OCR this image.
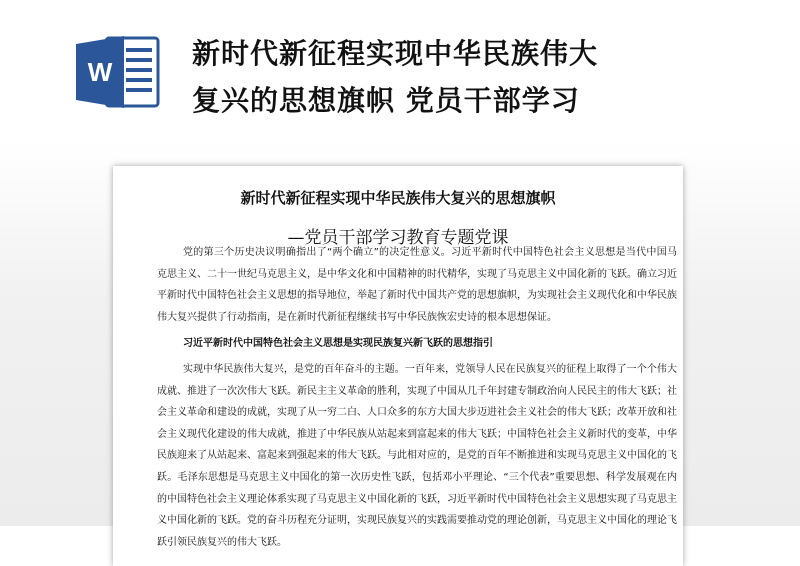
W
新时代新征程实现中华民族伟大
复兴的思想旗帜 党员干部学习
新时代新征程实现中华民族伟大复兴的思想旗帜
—党员干部学习教育专题党课
党的第三个历史决议明确指出了“两个确立”的决定性意义。习近平新时代中国特色社会主义思想是当代中国马
克思主义、二十一世纪马克思主义，是中华文化和中国精神的时代精华，实现了马克思主义中国化新的飞跃。确立习近
平新时代中国特色社会主义思想的指导地位，举起了新时代中国共产党的思想旗帜，为实现社会主义现代化和中华民族
伟大复兴提供了行动指南，是在新时代新征程继续书写中华民族恢宏史诗的根本思想保证。
习近平新时代中国特色社会主义思想是实现民族复兴新飞跃的思想指引
实现中华民族伟大复兴，是党的百年奋斗的主题。一百年来，党领导人民在民族复兴的征程上取得了一个个伟大
成就、推进了一次次伟大飞跃。新民主主义革命的胜利，实现了中国从几千年封建专制政治向人民民主的伟大飞跃；社
会主义革命和建设的成就，实现了从一穷二白、人口众多的东方大国大步迈进社会主义社会的伟大飞跃；改革开放和社
会主义现代化建设的伟大成就，推进了中华民族从站起来到富起来的伟大飞跃；中国特色社会主义新时代的变革，中华
民族迎来了从站起来、富起来到强起来的伟大飞跃。与此相对应的，是党的百年不断推进和实现马克思主义中国化的飞
跃。毛泽东思想是马克思主义中国化的第一次历史性飞跃，包括邓小平理论、“三个代表”重要思想、科学发展观在内
的中国特色社会主义理论体系实现了马克思主义中国化新的飞跃，习近平新时代中国特色社会主义思想实现了马克思主
义中国化新的飞跃。党的奋斗历程充分证明，实现民族复兴的实践需要推动党的理论创新，马克思主义中国化的理论飞
跃引领民族复兴的伟大飞跃。
